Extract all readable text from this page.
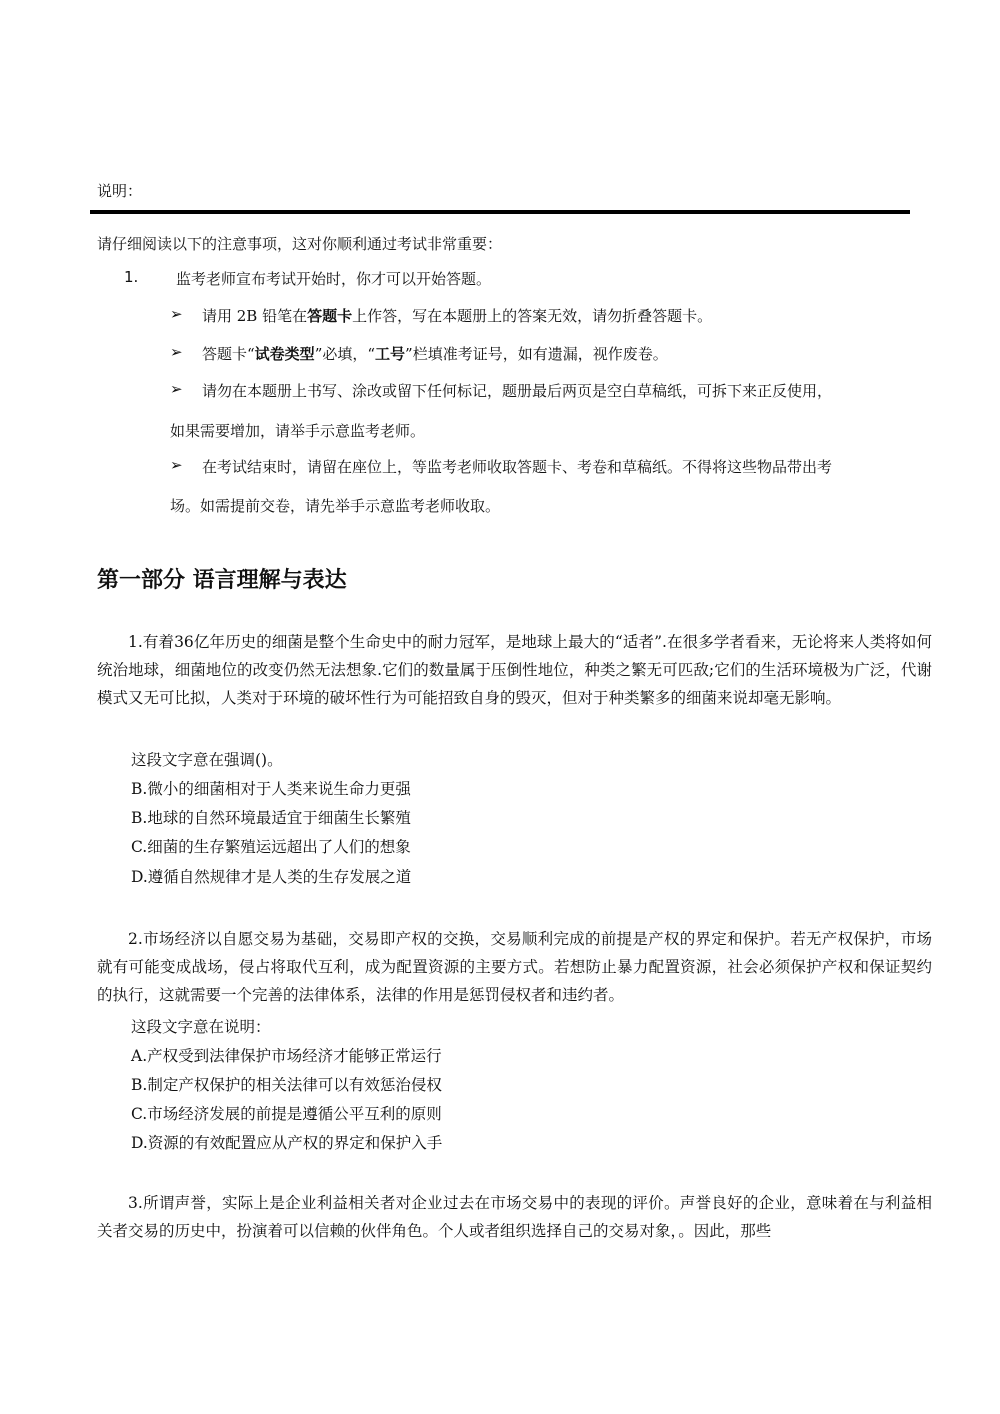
说明：
请仔细阅读以下的注意事项，这对你顺利通过考试非常重要：
1.	监考老师宣布考试开始时，你才可以开始答题。
➢ 请用 2B 铅笔在答题卡上作答，写在本题册上的答案无效，请勿折叠答题卡。
➢ 答题卡“试卷类型”必填，“工号”栏填准考证号，如有遗漏，视作废卷。
➢ 请勿在本题册上书写、涂改或留下任何标记，题册最后两页是空白草稿纸，可拆下来正反使用，
如果需要增加，请举手示意监考老师。
➢ 在考试结束时，请留在座位上，等监考老师收取答题卡、考卷和草稿纸。不得将这些物品带出考
场。如需提前交卷，请先举手示意监考老师收取。
第一部分 语言理解与表达

1.有着36亿年历史的细菌是整个生命史中的耐力冠军，是地球上最大的“适者”.在很多学者看来，无论将来人类将如何统治地球，细菌地位的改变仍然无法想象.它们的数量属于压倒性地位，种类之繁无可匹敌;它们的生活环境极为广泛，代谢模式又无可比拟，人类对于环境的破坏性行为可能招致自身的毁灭，但对于种类繁多的细菌来说却毫无影响。

这段文字意在强调()。
B.微小的细菌相对于人类来说生命力更强
B.地球的自然环境最适宜于细菌生长繁殖
C.细菌的生存繁殖运远超出了人们的想象
D.遵循自然规律才是人类的生存发展之道

2.市场经济以自愿交易为基础，交易即产权的交换，交易顺利完成的前提是产权的界定和保护。若无产权保护，市场就有可能变成战场，侵占将取代互利，成为配置资源的主要方式。若想防止暴力配置资源，社会必须保护产权和保证契约的执行，这就需要一个完善的法律体系，法律的作用是惩罚侵权者和违约者。

这段文字意在说明：
A.产权受到法律保护市场经济才能够正常运行
B.制定产权保护的相关法律可以有效惩治侵权
C.市场经济发展的前提是遵循公平互利的原则
D.资源的有效配置应从产权的界定和保护入手

3.所谓声誉，实际上是企业利益相关者对企业过去在市场交易中的表现的评价。声誉良好的企业，意味着在与利益相关者交易的历史中，扮演着可以信赖的伙伴角色。个人或者组织选择自己的交易对象，。因此，那些
